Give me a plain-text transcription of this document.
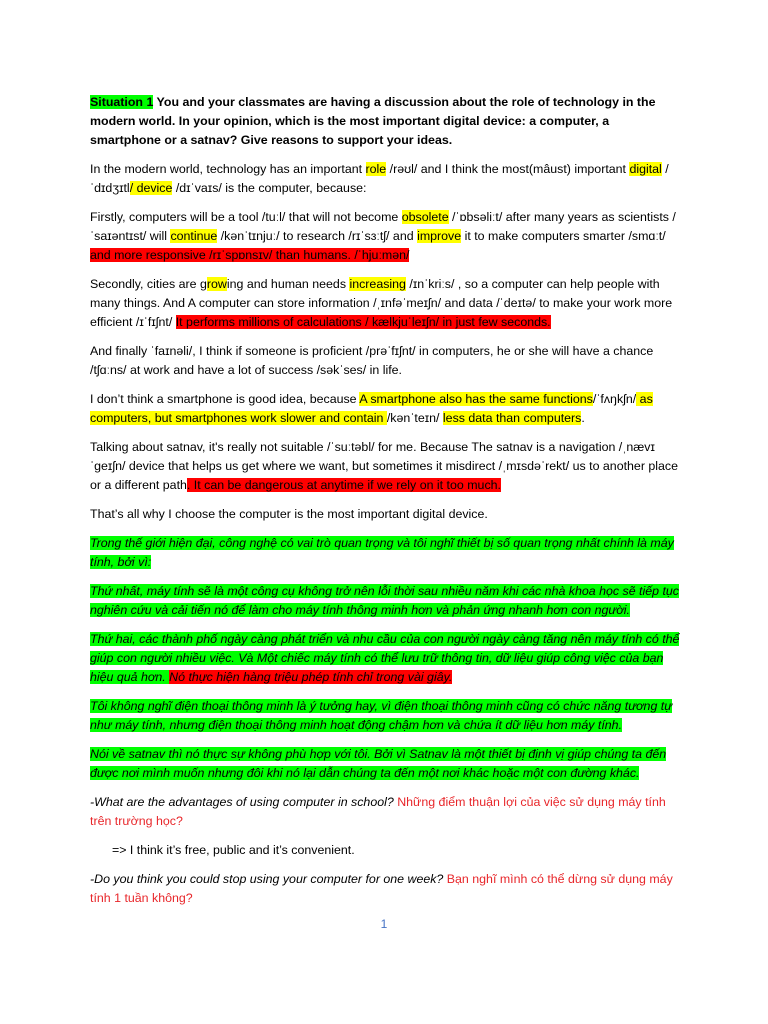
Situation 1 You and your classmates are having a discussion about the role of technology in the modern world. In your opinion, which is the most important digital device: a computer, a smartphone or a satnav? Give reasons to support your ideas.

In the modern world, technology has an important role /rəʊl/ and I think the most(mâust) important digital /ˈdɪdʒɪtl/ device /dɪˈvaɪs/ is the computer, because:

Firstly, computers will be a tool /tuːl/ that will not become obsolete /ˈɒbsəliːt/ after many years as scientists /ˈsaɪəntɪst/ will continue /kənˈtɪnjuː/ to research /rɪˈsɜːtʃ/ and improve it to make computers smarter /smɑːt/ and more responsive /rɪˈspɒnsɪv/ than humans. /ˈhjuːmən/

Secondly, cities are growing and human needs increasing /ɪnˈkriːs/ , so a computer can help people with many things. And A computer can store information /ˌɪnfəˈmeɪʃn/ and data /ˈdeɪtə/ to make your work more efficient /ɪˈfɪʃnt/ It performs millions of calculations / kælkjuˈleɪʃn/ in just few seconds.

And finally ˈfaɪnəli/, I think if someone is proficient /prəˈfɪʃnt/ in computers, he or she will have a chance /tʃɑːns/ at work and have a lot of success /səkˈses/ in life.

I don’t think a smartphone is good idea, because A smartphone also has the same functions/ˈfʌŋkʃn/ as computers, but smartphones work slower and contain /kənˈteɪn/ less data than computers.

Talking about satnav, it's really not suitable /ˈsuːtəbl/ for me. Because The satnav is a navigation /ˌnævɪˈɡeɪʃn/ device that helps us get where we want, but sometimes it misdirect /ˌmɪsdəˈrekt/ us to another place or a different path. It can be dangerous at anytime if we rely on it too much.

That’s all why I choose the computer is the most important digital device.

Trong thế giới hiện đại, công nghệ có vai trò quan trọng và tôi nghĩ thiết bị số quan trọng nhất chính là máy tính, bởi vì:

Thứ nhất, máy tính sẽ là một công cụ không trở nên lỗi thời sau nhiều năm khi các nhà khoa học sẽ tiếp tục nghiên cứu và cải tiến nó để làm cho máy tính thông minh hơn và phản ứng nhanh hơn con người.

Thứ hai, các thành phố ngày càng phát triển và nhu cầu của con người ngày càng tăng nên máy tính có thể giúp con người nhiều việc. Và Một chiếc máy tính có thể lưu trữ thông tin, dữ liệu giúp công việc của bạn hiệu quả hơn. Nó thực hiện hàng triệu phép tính chỉ trong vài giây.

Tôi không nghĩ điện thoại thông minh là ý tưởng hay, vì điện thoại thông minh cũng có chức năng tương tự như máy tính, nhưng điện thoại thông minh hoạt động chậm hơn và chứa ít dữ liệu hơn máy tính.

Nói về satnav thì nó thực sự không phù hợp với tôi. Bởi vì Satnav là một thiết bị định vị giúp chúng ta đến được nơi mình muốn nhưng đôi khi nó lại dẫn chúng ta đến một nơi khác hoặc một con đường khác.

-What are the advantages of using computer in school? Những điểm thuận lợi của việc sử dụng máy tính trên trường học?

=> I think it’s free, public and it’s convenient.

-Do you think you could stop using your computer for one week? Bạn nghĩ mình có thể dừng sử dụng máy tính 1 tuần không?

1
